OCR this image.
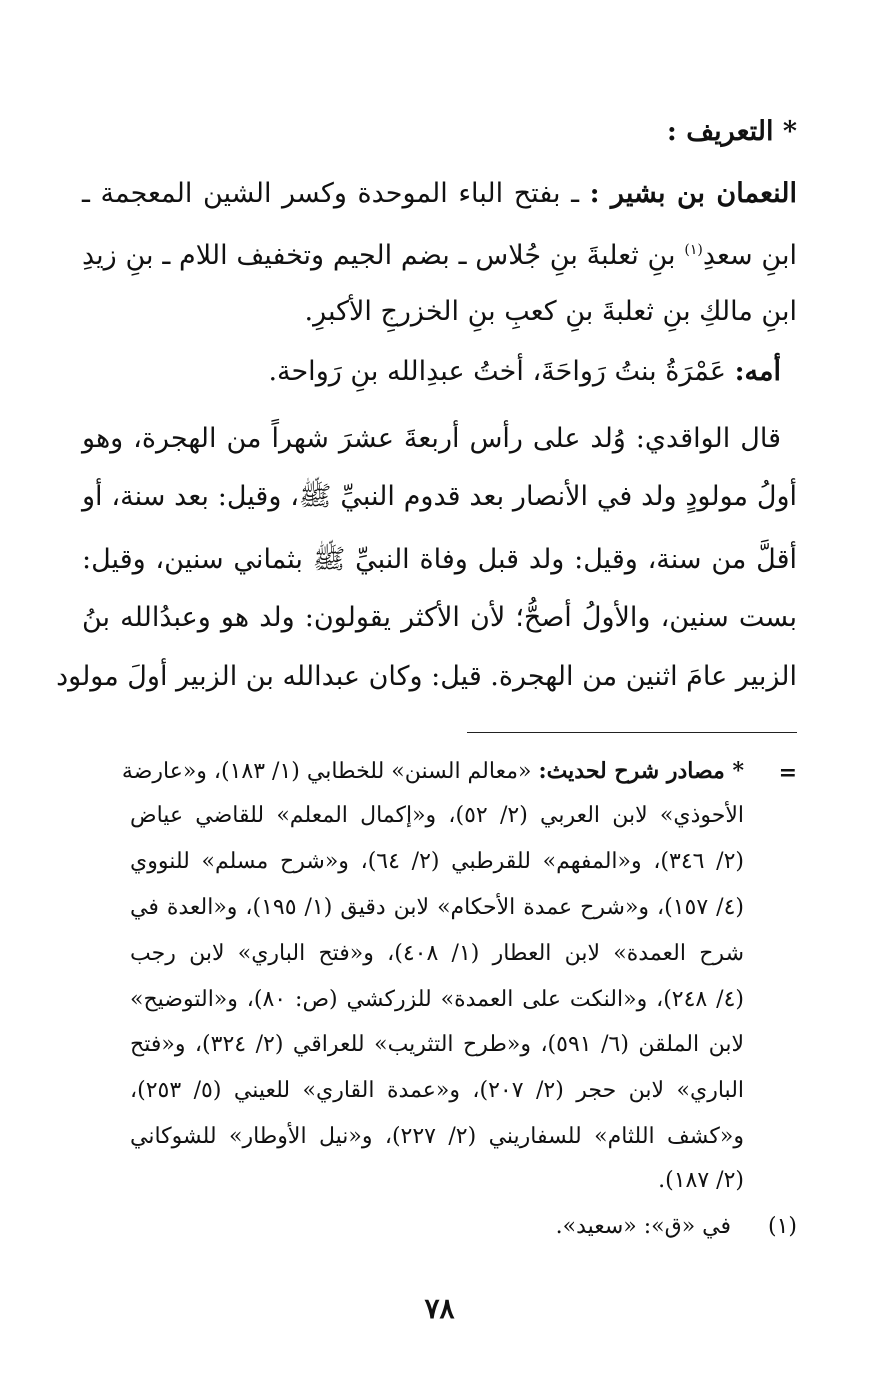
* التعريف :
النعمان بن بشير : ـ بفتح الباء الموحدة وكسر الشين المعجمة ـ
ابنِ سعدِ$^{(١)}$ بنِ ثعلبةَ بنِ جُلاس ـ بضم الجيم وتخفيف اللام ـ بنِ زيدِ
ابنِ مالكِ بنِ ثعلبةَ بنِ كعبِ بنِ الخزرجِ الأكبرِ.
أمه: عَمْرَةُ بنتُ رَواحَةَ، أختُ عبدِالله بنِ رَواحة.
قال الواقدي: وُلد على رأس أربعةَ عشرَ شهراً من الهجرة، وهو
أولُ مولودٍ ولد في الأنصار بعد قدوم النبيِّ ﷺ، وقيل: بعد سنة، أو
أقلَّ من سنة، وقيل: ولد قبل وفاة النبيِّ ﷺ بثماني سنين، وقيل:
بست سنين، والأولُ أصحُّ؛ لأن الأكثر يقولون: ولد هو وعبدُالله بنُ
الزبير عامَ اثنين من الهجرة. قيل: وكان عبدالله بن الزبير أولَ مولود
=
* مصادر شرح لحديث: «معالم السنن» للخطابي (١/ ١٨٣)، و«عارضة
الأحوذي» لابن العربي (٢/ ٥٢)، و«إكمال المعلم» للقاضي عياض
(٢/ ٣٤٦)، و«المفهم» للقرطبي (٢/ ٦٤)، و«شرح مسلم» للنووي
(٤/ ١٥٧)، و«شرح عمدة الأحكام» لابن دقيق (١/ ١٩٥)، و«العدة في
شرح العمدة» لابن العطار (١/ ٤٠٨)، و«فتح الباري» لابن رجب
(٤/ ٢٤٨)، و«النكت على العمدة» للزركشي (ص: ٨٠)، و«التوضيح»
لابن الملقن (٦/ ٥٩١)، و«طرح التثريب» للعراقي (٢/ ٣٢٤)، و«فتح
الباري» لابن حجر (٢/ ٢٠٧)، و«عمدة القاري» للعيني (٥/ ٢٥٣)،
و«كشف اللثام» للسفاريني (٢/ ٢٢٧)، و«نيل الأوطار» للشوكاني
(٢/ ١٨٧).
(١)
في «ق»: «سعيد».
٧٨
